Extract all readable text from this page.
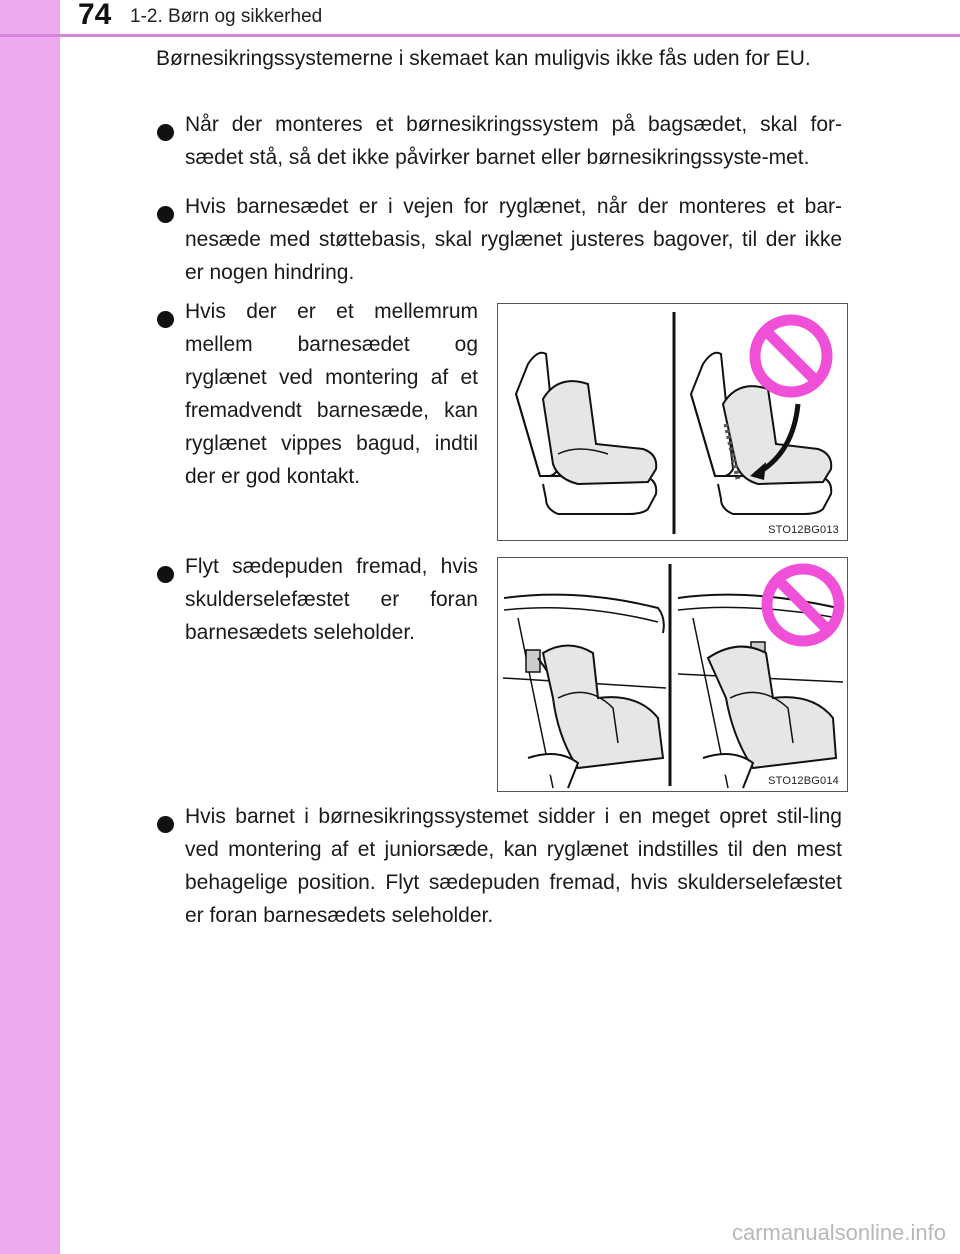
74 1-2. Børn og sikkerhed
Børnesikringssystemerne i skemaet kan muligvis ikke fås uden for EU.
Når der monteres et børnesikringssystem på bagsædet, skal for-sædet stå, så det ikke påvirker barnet eller børnesikringssyste-met.
Hvis barnesædet er i vejen for ryglænet, når der monteres et bar-nesæde med støttebasis, skal ryglænet justeres bagover, til der ikke er nogen hindring.
Hvis der er et mellemrum mellem barnesædet og ryglænet ved montering af et fremadvendt barnesæde, kan ryglænet vippes bagud, indtil der er god kontakt.
STO12BG013
Flyt sædepuden fremad, hvis skulderselefæstet er foran barnesædets seleholder.
STO12BG014
Hvis barnet i børnesikringssystemet sidder i en meget opret stil-ling ved montering af et juniorsæde, kan ryglænet indstilles til den mest behagelige position. Flyt sædepuden fremad, hvis skulderselefæstet er foran barnesædets seleholder.
carmanualsonline.info
